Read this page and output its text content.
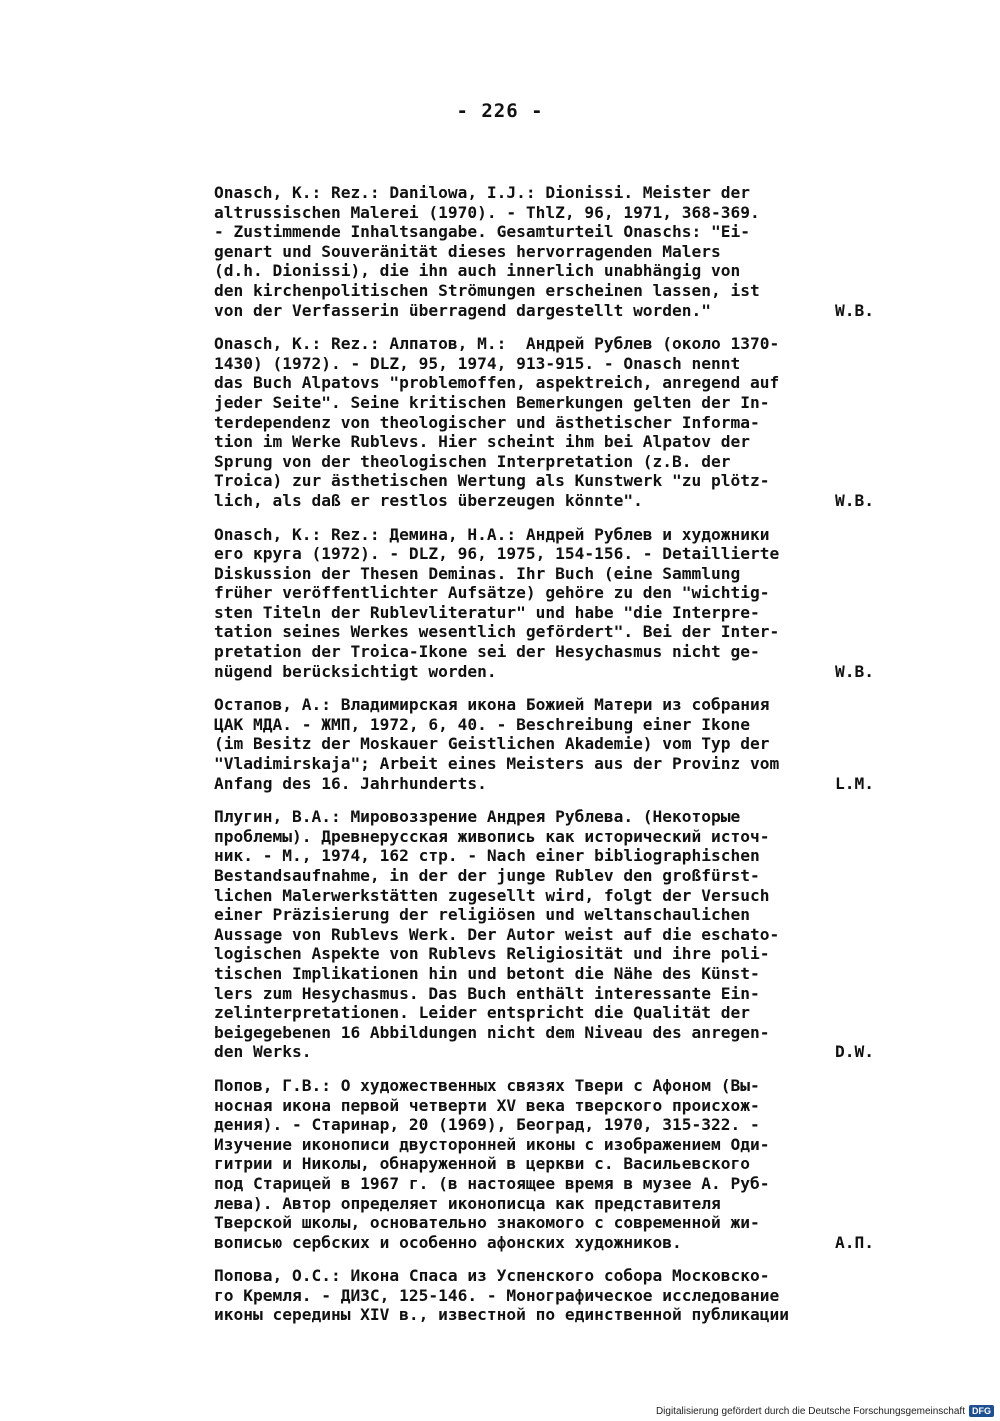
- 226 -
Onasch, K.: Rez.: Danilowa, I.J.: Dionissi. Meister der
altrussischen Malerei (1970). - ThlZ, 96, 1971, 368-369.
- Zustimmende Inhaltsangabe. Gesamturteil Onaschs: "Ei-
genart und Souveränität dieses hervorragenden Malers
(d.h. Dionissi), die ihn auch innerlich unabhängig von
den kirchenpolitischen Strömungen erscheinen lassen, ist
von der Verfasserin überragend dargestellt worden."	W.B.
Onasch, K.: Rez.: Алпатов, М.:  Андрей Рублев (около 1370-
1430) (1972). - DLZ, 95, 1974, 913-915. - Onasch nennt
das Buch Alpatovs "problemoffen, aspektreich, anregend auf
jeder Seite". Seine kritischen Bemerkungen gelten der In-
terdependenz von theologischer und ästhetischer Informa-
tion im Werke Rublevs. Hier scheint ihm bei Alpatov der
Sprung von der theologischen Interpretation (z.B. der
Troica) zur ästhetischen Wertung als Kunstwerk "zu plötz-
lich, als daß er restlos überzeugen könnte".	W.B.
Onasch, K.: Rez.: Демина, Н.А.: Андрей Рублев и художники
его круга (1972). - DLZ, 96, 1975, 154-156. - Detaillierte
Diskussion der Thesen Deminas. Ihr Buch (eine Sammlung
früher veröffentlichter Aufsätze) gehöre zu den "wichtig-
sten Titeln der Rublevliteratur" und habe "die Interpre-
tation seines Werkes wesentlich gefördert". Bei der Inter-
pretation der Troica-Ikone sei der Hesychasmus nicht ge-
nügend berücksichtigt worden.	W.B.
Остапов, А.: Владимирская икона Божией Матери из собрания
ЦАК МДА. - ЖМП, 1972, 6, 40. - Beschreibung einer Ikone
(im Besitz der Moskauer Geistlichen Akademie) vom Typ der
"Vladimirskaja"; Arbeit eines Meisters aus der Provinz vom
Anfang des 16. Jahrhunderts.	L.M.
Плугин, В.А.: Мировоззрение Андрея Рублева. (Некоторые
проблемы). Древнерусская живопись как исторический источ-
ник. - М., 1974, 162 стр. - Nach einer bibliographischen
Bestandsaufnahme, in der der junge Rublev den großfürst-
lichen Malerwerkstätten zugesellt wird, folgt der Versuch
einer Präzisierung der religiösen und weltanschaulichen
Aussage von Rublevs Werk. Der Autor weist auf die eschato-
logischen Aspekte von Rublevs Religiosität und ihre poli-
tischen Implikationen hin und betont die Nähe des Künst-
lers zum Hesychasmus. Das Buch enthält interessante Ein-
zelinterpretationen. Leider entspricht die Qualität der
beigegebenen 16 Abbildungen nicht dem Niveau des anregen-
den Werks.	D.W.
Попов, Г.В.: О художественных связях Твери с Афоном (Вы-
носная икона первой четверти XV века тверского происхож-
дения). - Старинар, 20 (1969), Београд, 1970, 315-322. -
Изучение иконописи двусторонней иконы с изображением Оди-
гитрии и Николы, обнаруженной в церкви с. Васильевского
под Старицей в 1967 г. (в настоящее время в музее А. Руб-
лева). Автор определяет иконописца как представителя
Тверской школы, основательно знакомого с современной жи-
вописью сербских и особенно афонских художников.	А.П.
Попова, О.С.: Икона Спаса из Успенского собора Московско-
го Кремля. - ДИЗС, 125-146. - Монографическое исследование
иконы середины XIV в., известной по единственной публикации
Digitalisierung gefördert durch die Deutsche Forschungsgemeinschaft DFG
